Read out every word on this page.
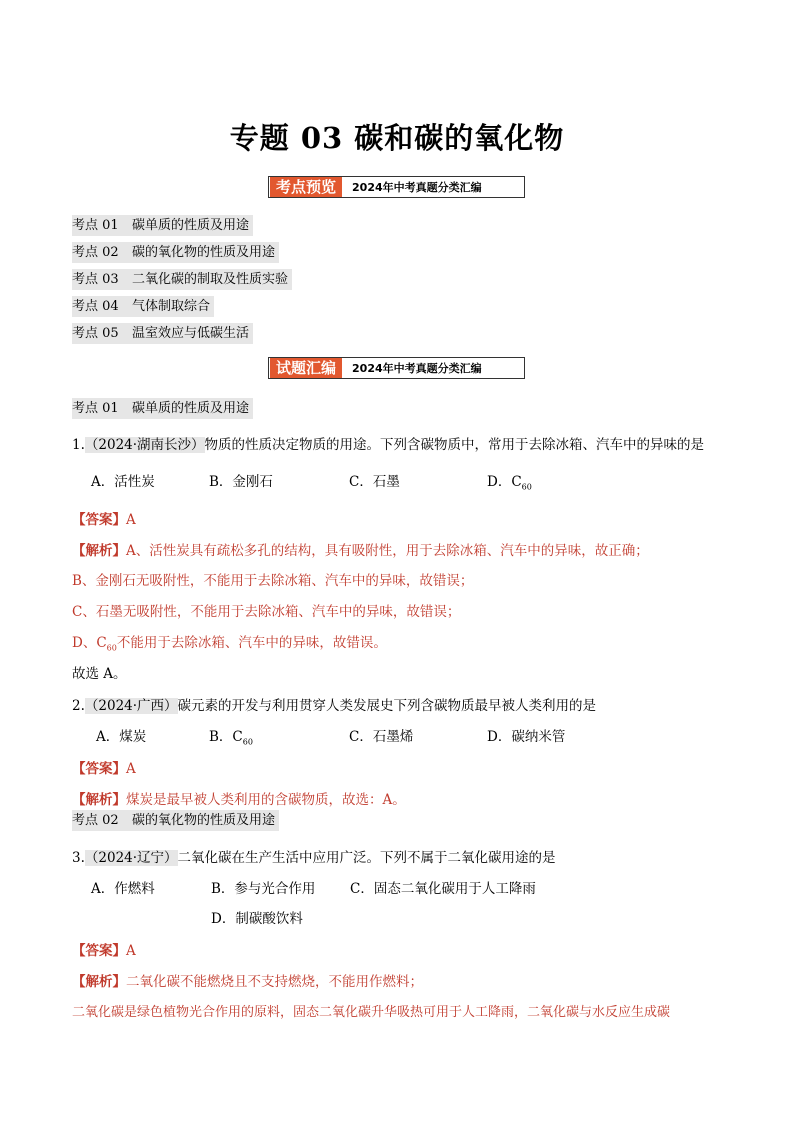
专题 03 碳和碳的氧化物
考点预览	2024年中考真题分类汇编
考点 01 碳单质的性质及用途
考点 02 碳的氧化物的性质及用途
考点 03 二氧化碳的制取及性质实验
考点 04 气体制取综合
考点 05 温室效应与低碳生活
试题汇编	2024年中考真题分类汇编
考点 01 碳单质的性质及用途
1.（2024·湖南长沙）物质的性质决定物质的用途。下列含碳物质中，常用于去除冰箱、汽车中的异味的是
A．活性炭	B．金刚石	C．石墨	D．$C_{60}$
【答案】A
【解析】A、活性炭具有疏松多孔的结构，具有吸附性，用于去除冰箱、汽车中的异味，故正确；
B、金刚石无吸附性，不能用于去除冰箱、汽车中的异味，故错误；
C、石墨无吸附性，不能用于去除冰箱、汽车中的异味，故错误；
D、$C_{60}$不能用于去除冰箱、汽车中的异味，故错误。
故选 A。
2.（2024·广西）碳元素的开发与利用贯穿人类发展史下列含碳物质最早被人类利用的是
A．煤炭	B．$C_{60}$	C．石墨烯	D．碳纳米管
【答案】A
【解析】煤炭是最早被人类利用的含碳物质，故选：A。
考点 02 碳的氧化物的性质及用途
3.（2024·辽宁）二氧化碳在生产生活中应用广泛。下列不属于二氧化碳用途的是
A．作燃料	B．参与光合作用	C．固态二氧化碳用于人工降雨
D．制碳酸饮料
【答案】A
【解析】二氧化碳不能燃烧且不支持燃烧，不能用作燃料；
二氧化碳是绿色植物光合作用的原料，固态二氧化碳升华吸热可用于人工降雨，二氧化碳与水反应生成碳
